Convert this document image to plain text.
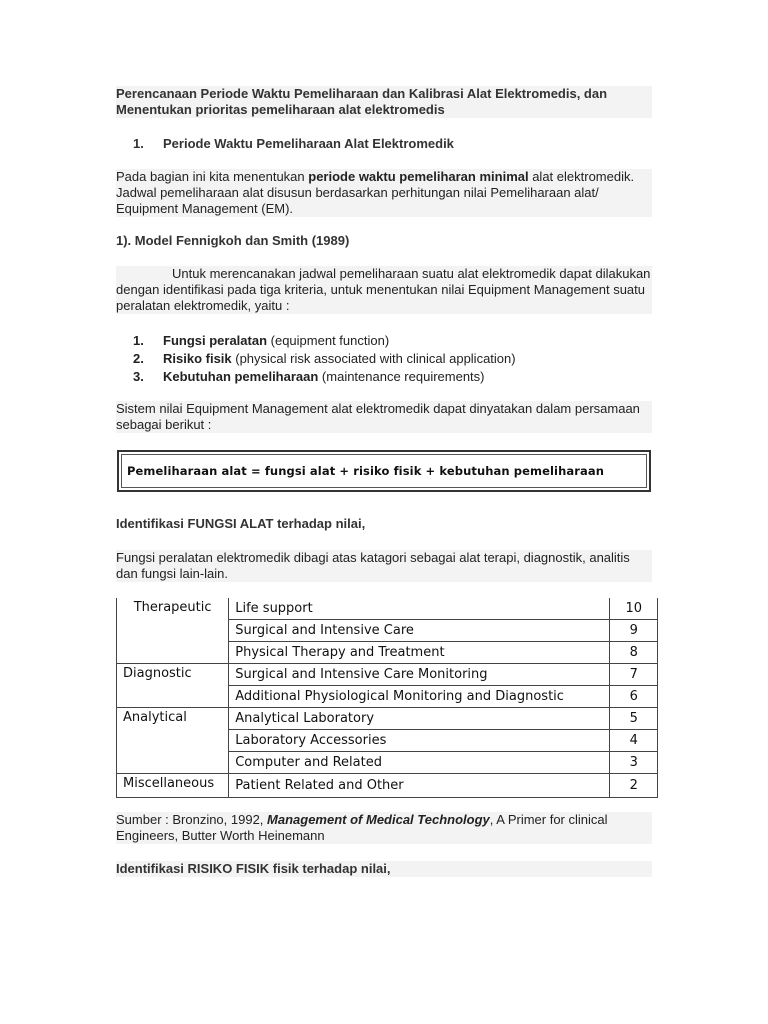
Perencanaan Periode Waktu Pemeliharaan dan Kalibrasi Alat Elektromedis, dan
Menentukan prioritas pemeliharaan alat elektromedis
1. Periode Waktu Pemeliharaan Alat Elektromedik
Pada bagian ini kita menentukan periode waktu pemeliharan minimal alat elektromedik. Jadwal pemeliharaan alat disusun berdasarkan perhitungan nilai Pemeliharaan alat/ Equipment Management (EM).
1). Model Fennigkoh dan Smith (1989)
Untuk merencanakan jadwal pemeliharaan suatu alat elektromedik dapat dilakukan dengan identifikasi pada tiga kriteria, untuk menentukan nilai Equipment Management suatu peralatan elektromedik, yaitu :
1. Fungsi peralatan (equipment function)
2. Risiko fisik (physical risk associated with clinical application)
3. Kebutuhan pemeliharaan (maintenance requirements)
Sistem nilai Equipment Management alat elektromedik dapat dinyatakan dalam persamaan sebagai berikut :
Pemeliharaan alat = fungsi alat + risiko fisik + kebutuhan pemeliharaan
Identifikasi FUNGSI ALAT terhadap nilai,
Fungsi peralatan elektromedik dibagi atas katagori sebagai alat terapi, diagnostik, analitis dan fungsi lain-lain.
Therapeutic	Life support	10
	Surgical and Intensive Care	9
	Physical Therapy and Treatment	8
Diagnostic	Surgical and Intensive Care Monitoring	7
	Additional Physiological Monitoring and Diagnostic	6
Analytical	Analytical Laboratory	5
	Laboratory Accessories	4
	Computer and Related	3
Miscellaneous	Patient Related and Other	2
Sumber : Bronzino, 1992, Management of Medical Technology, A Primer for clinical Engineers, Butter Worth Heinemann
Identifikasi RISIKO FISIK fisik terhadap nilai,
